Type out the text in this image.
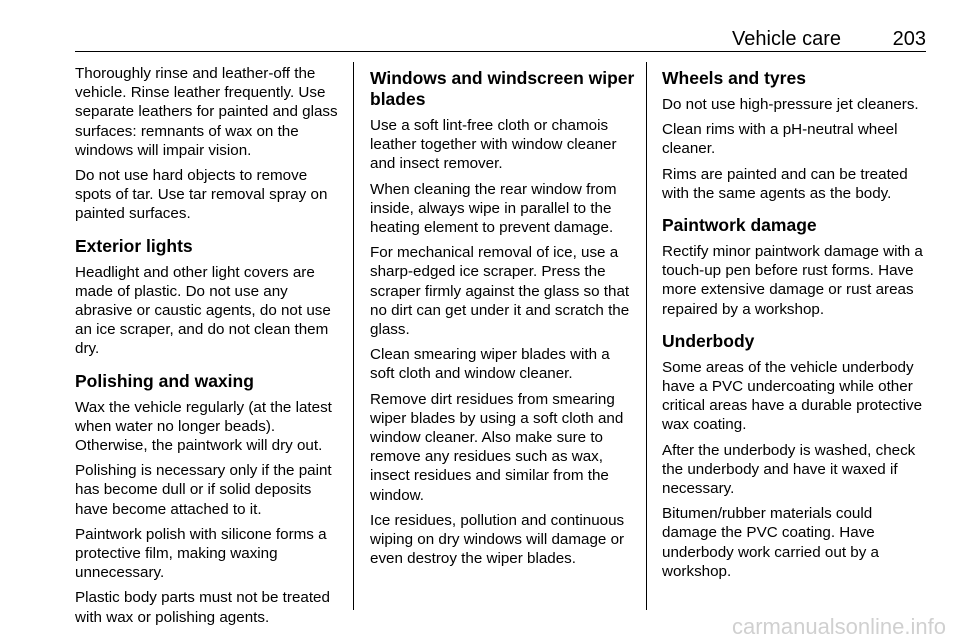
Vehicle care	203

Thoroughly rinse and leather-off the vehicle. Rinse leather frequently. Use separate leathers for painted and glass surfaces: remnants of wax on the windows will impair vision.

Do not use hard objects to remove spots of tar. Use tar removal spray on painted surfaces.

Exterior lights

Headlight and other light covers are made of plastic. Do not use any abrasive or caustic agents, do not use an ice scraper, and do not clean them dry.

Polishing and waxing

Wax the vehicle regularly (at the latest when water no longer beads). Otherwise, the paintwork will dry out.

Polishing is necessary only if the paint has become dull or if solid deposits have become attached to it.

Paintwork polish with silicone forms a protective film, making waxing unnecessary.

Plastic body parts must not be treated with wax or polishing agents.

Windows and windscreen wiper blades

Use a soft lint-free cloth or chamois leather together with window cleaner and insect remover.

When cleaning the rear window from inside, always wipe in parallel to the heating element to prevent damage.

For mechanical removal of ice, use a sharp-edged ice scraper. Press the scraper firmly against the glass so that no dirt can get under it and scratch the glass.

Clean smearing wiper blades with a soft cloth and window cleaner.

Remove dirt residues from smearing wiper blades by using a soft cloth and window cleaner. Also make sure to remove any residues such as wax, insect residues and similar from the window.

Ice residues, pollution and continuous wiping on dry windows will damage or even destroy the wiper blades.

Wheels and tyres

Do not use high-pressure jet cleaners.

Clean rims with a pH-neutral wheel cleaner.

Rims are painted and can be treated with the same agents as the body.

Paintwork damage

Rectify minor paintwork damage with a touch-up pen before rust forms. Have more extensive damage or rust areas repaired by a workshop.

Underbody

Some areas of the vehicle underbody have a PVC undercoating while other critical areas have a durable protective wax coating.

After the underbody is washed, check the underbody and have it waxed if necessary.

Bitumen/rubber materials could damage the PVC coating. Have underbody work carried out by a workshop.

carmanualsonline.info
